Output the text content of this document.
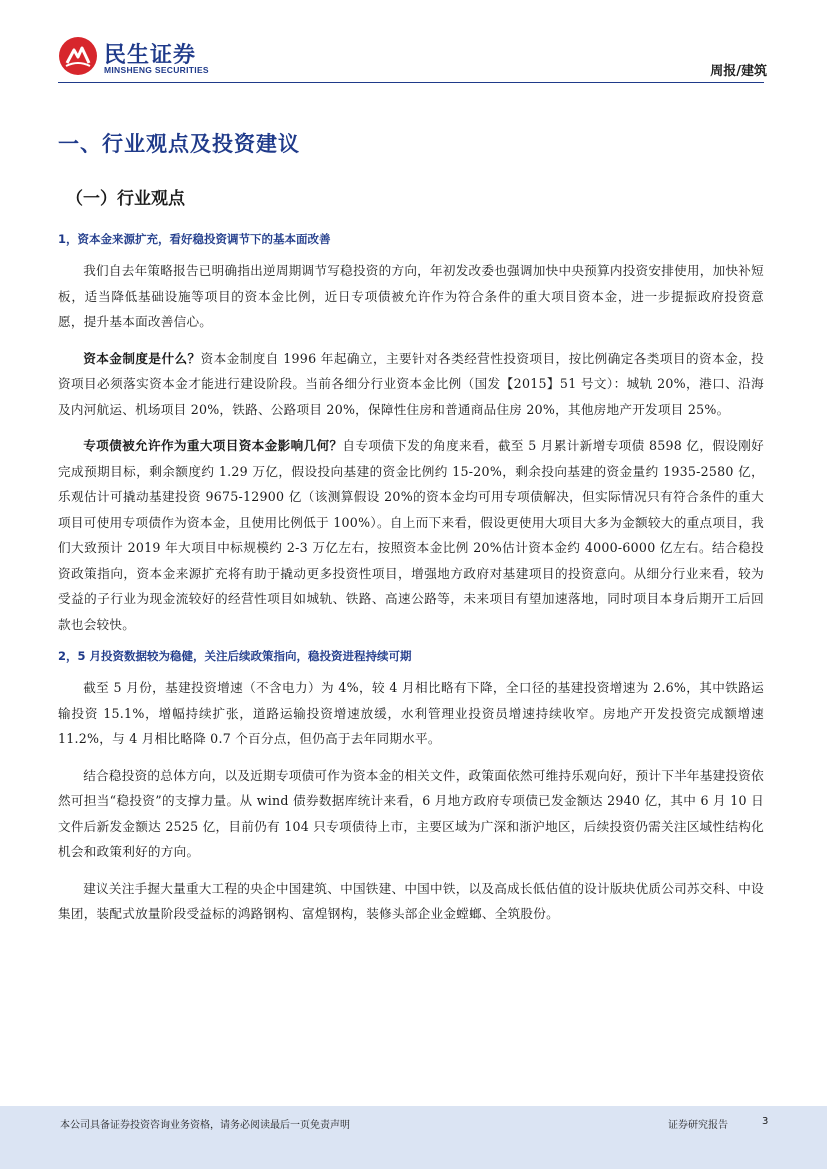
民生证券
MINSHENG SECURITIES	周报/建筑
一、行业观点及投资建议
（一）行业观点
1，资本金来源扩充，看好稳投资调节下的基本面改善

我们自去年策略报告已明确指出逆周期调节写稳投资的方向，年初发改委也强调加快中央预算内投资安排使用，加快补短板，适当降低基础设施等项目的资本金比例，近日专项债被允许作为符合条件的重大项目资本金，进一步提振政府投资意愿，提升基本面改善信心。

资本金制度是什么？资本金制度自 1996 年起确立，主要针对各类经营性投资项目，按比例确定各类项目的资本金，投资项目必须落实资本金才能进行建设阶段。当前各细分行业资本金比例（国发【2015】51 号文）：城轨 20%，港口、沿海及内河航运、机场项目 20%，铁路、公路项目 20%，保障性住房和普通商品住房 20%，其他房地产开发项目 25%。

专项债被允许作为重大项目资本金影响几何？自专项债下发的角度来看，截至 5 月累计新增专项债 8598 亿，假设刚好完成预期目标，剩余额度约 1.29 万亿，假设投向基建的资金比例约 15-20%，剩余投向基建的资金量约 1935-2580 亿，乐观估计可撬动基建投资 9675-12900 亿（该测算假设 20%的资本金均可用专项债解决，但实际情况只有符合条件的重大项目可使用专项债作为资本金，且使用比例低于 100%）。自上而下来看，假设更使用大项目大多为金额较大的重点项目，我们大致预计 2019 年大项目中标规模约 2-3 万亿左右，按照资本金比例 20%估计资本金约 4000-6000 亿左右。结合稳投资政策指向，资本金来源扩充将有助于撬动更多投资性项目，增强地方政府对基建项目的投资意向。从细分行业来看，较为受益的子行业为现金流较好的经营性项目如城轨、铁路、高速公路等，未来项目有望加速落地，同时项目本身后期开工后回款也会较快。

2，5 月投资数据较为稳健，关注后续政策指向，稳投资进程持续可期

截至 5 月份，基建投资增速（不含电力）为 4%，较 4 月相比略有下降，全口径的基建投资增速为 2.6%，其中铁路运输投资 15.1%，增幅持续扩张，道路运输投资增速放缓，水利管理业投资员增速持续收窄。房地产开发投资完成额增速 11.2%，与 4 月相比略降 0.7 个百分点，但仍高于去年同期水平。

结合稳投资的总体方向，以及近期专项债可作为资本金的相关文件，政策面依然可维持乐观向好，预计下半年基建投资依然可担当“稳投资”的支撑力量。从 wind 债券数据库统计来看，6 月地方政府专项债已发金额达 2940 亿，其中 6 月 10 日文件后新发金额达 2525 亿，目前仍有 104 只专项债待上市，主要区域为广深和浙沪地区，后续投资仍需关注区域性结构化机会和政策利好的方向。

建议关注手握大量重大工程的央企中国建筑、中国铁建、中国中铁，以及高成长低估值的设计版块优质公司苏交科、中设集团，装配式放量阶段受益标的鸿路钢构、富煌钢构，装修头部企业金螳螂、全筑股份。

本公司具备证券投资咨询业务资格，请务必阅读最后一页免责声明	证券研究报告	3
